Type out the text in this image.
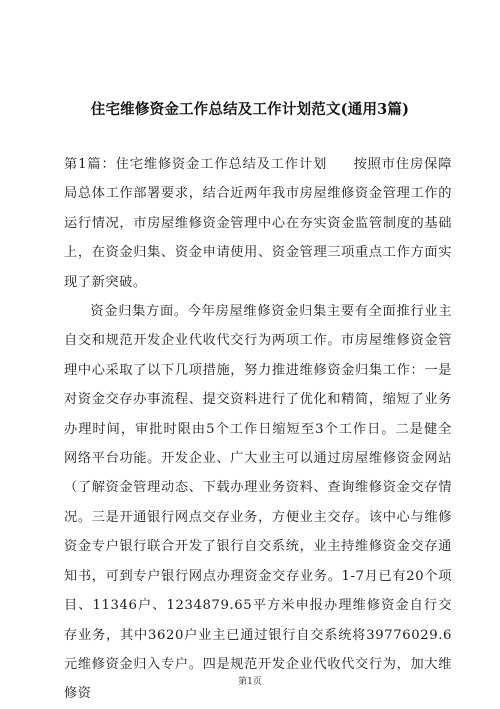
住宅维修资金工作总结及工作计划范文(通用3篇)

第1篇：住宅维修资金工作总结及工作计划 按照市住房保障局总体工作部署要求，结合近两年我市房屋维修资金管理工作的运行情况，市房屋维修资金管理中心在夯实资金监管制度的基础上，在资金归集、资金申请使用、资金管理三项重点工作方面实现了新突破。

资金归集方面。今年房屋维修资金归集主要有全面推行业主自交和规范开发企业代收代交行为两项工作。市房屋维修资金管理中心采取了以下几项措施，努力推进维修资金归集工作：一是对资金交存办事流程、提交资料进行了优化和精简，缩短了业务办理时间，审批时限由5个工作日缩短至3个工作日。二是健全网络平台功能。开发企业、广大业主可以通过房屋维修资金网站（了解资金管理动态、下载办理业务资料、查询维修资金交存情况。三是开通银行网点交存业务，方便业主交存。该中心与维修资金专户银行联合开发了银行自交系统，业主持维修资金交存通知书，可到专户银行网点办理资金交存业务。1-7月已有20个项目、11346户、1234879.65平方米申报办理维修资金自行交存业务，其中3620户业主已通过银行自交系统将39776029.6元维修资金归入专户。四是规范开发企业代收代交行为，加大维修资

第1页
